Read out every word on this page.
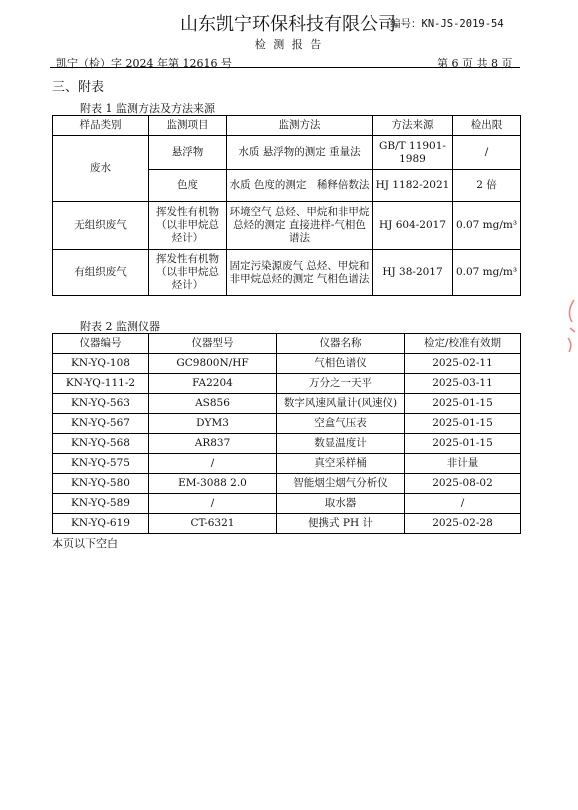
山东凯宁环保科技有限公司
编号：KN-JS-2019-54
检 测 报 告
凯宁（检）字 2024 年第 12616 号	第 6 页 共 8 页
三、附表
附表 1 监测方法及方法来源
样品类别	监测项目	监测方法	方法来源	检出限
废水	悬浮物	水质 悬浮物的测定 重量法	GB/T 11901-1989	/
	色度	水质 色度的测定　稀释倍数法	HJ 1182-2021	2 倍
无组织废气	挥发性有机物（以非甲烷总烃计）	环境空气 总烃、甲烷和非甲烷总烃的测定 直接进样-气相色谱法	HJ 604-2017	0.07 mg/m³
有组织废气	挥发性有机物（以非甲烷总烃计）	固定污染源废气 总烃、甲烷和非甲烷总烃的测定 气相色谱法	HJ 38-2017	0.07 mg/m³
附表 2 监测仪器
仪器编号	仪器型号	仪器名称	检定/校准有效期
KN-YQ-108	GC9800N/HF	气相色谱仪	2025-02-11
KN-YQ-111-2	FA2204	万分之一天平	2025-03-11
KN-YQ-563	AS856	数字风速风量计(风速仪)	2025-01-15
KN-YQ-567	DYM3	空盒气压表	2025-01-15
KN-YQ-568	AR837	数显温度计	2025-01-15
KN-YQ-575	/	真空采样桶	非计量
KN-YQ-580	EM-3088 2.0	智能烟尘烟气分析仪	2025-08-02
KN-YQ-589	/	取水器	/
KN-YQ-619	CT-6321	便携式 PH 计	2025-02-28
本页以下空白
